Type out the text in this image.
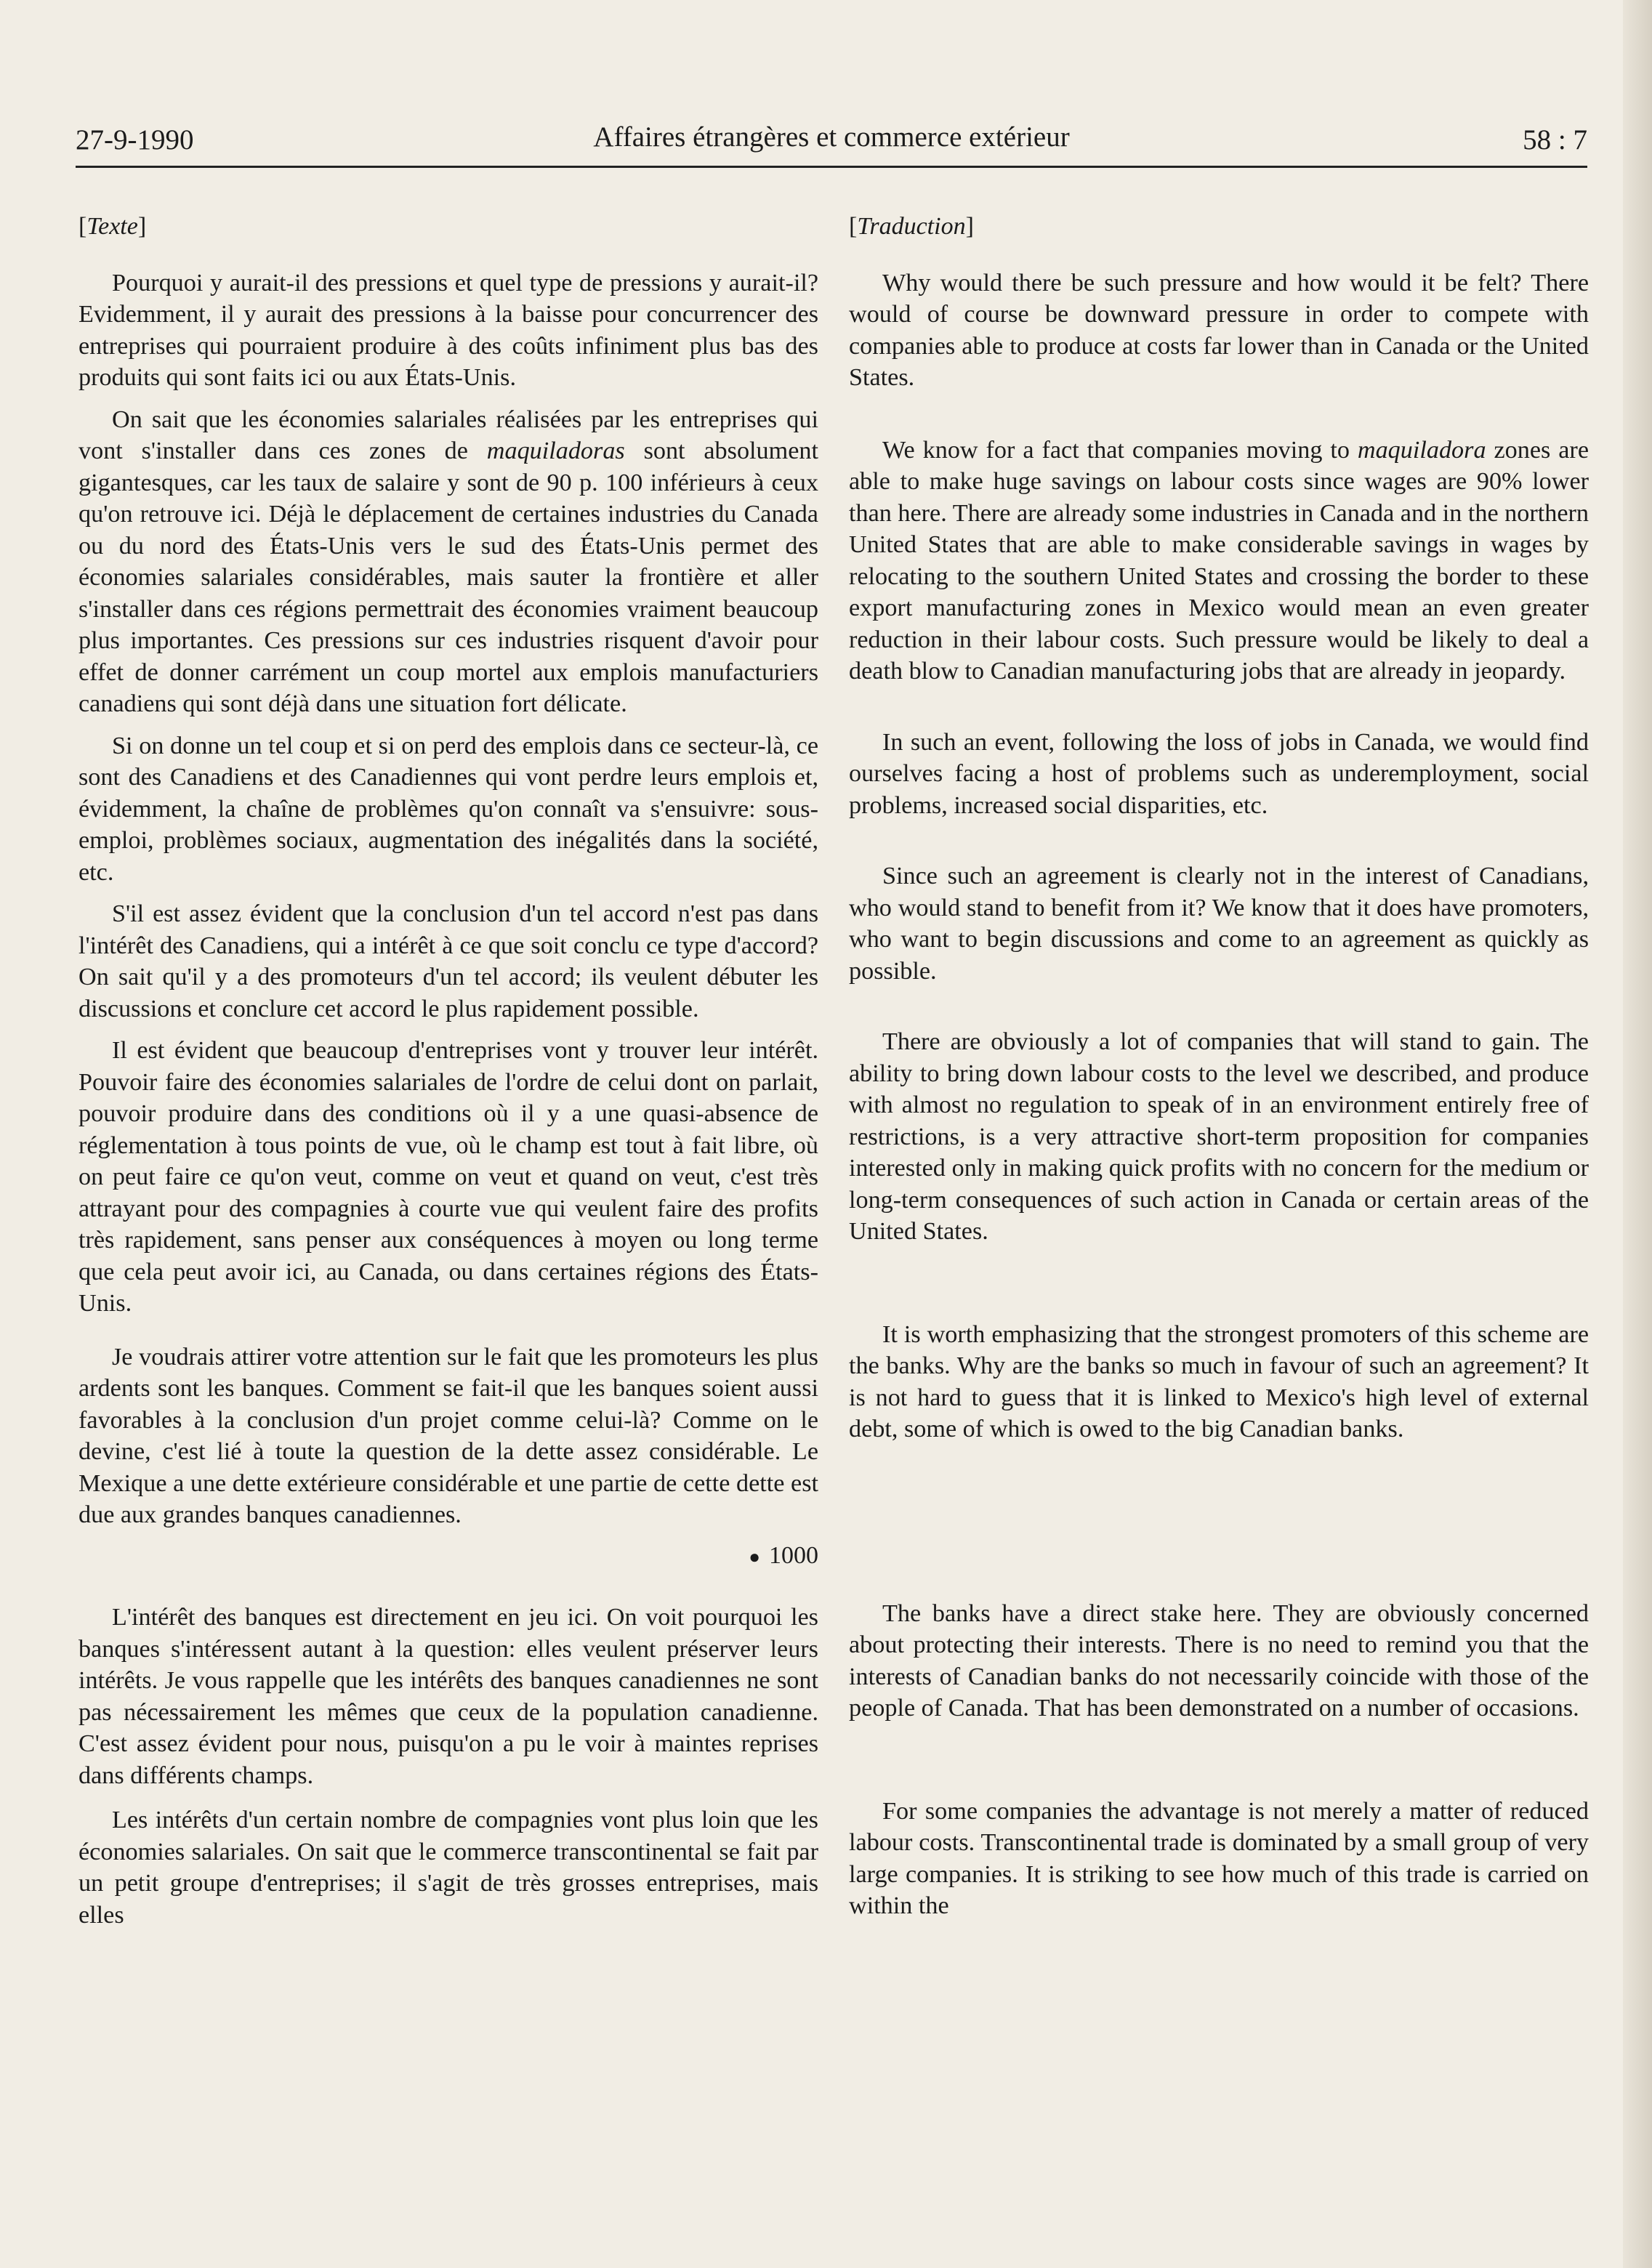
27-9-1990	Affaires étrangères et commerce extérieur	58 : 7
[Texte]

Pourquoi y aurait-il des pressions et quel type de pressions y aurait-il? Evidemment, il y aurait des pressions à la baisse pour concurrencer des entreprises qui pourraient produire à des coûts infiniment plus bas des produits qui sont faits ici ou aux États-Unis.

On sait que les économies salariales réalisées par les entreprises qui vont s'installer dans ces zones de maquiladoras sont absolument gigantesques, car les taux de salaire y sont de 90 p. 100 inférieurs à ceux qu'on retrouve ici. Déjà le déplacement de certaines industries du Canada ou du nord des États-Unis vers le sud des États-Unis permet des économies salariales considérables, mais sauter la frontière et aller s'installer dans ces régions permettrait des économies vraiment beaucoup plus importantes. Ces pressions sur ces industries risquent d'avoir pour effet de donner carrément un coup mortel aux emplois manufacturiers canadiens qui sont déjà dans une situation fort délicate.

Si on donne un tel coup et si on perd des emplois dans ce secteur-là, ce sont des Canadiens et des Canadiennes qui vont perdre leurs emplois et, évidemment, la chaîne de problèmes qu'on connaît va s'ensuivre: sous-emploi, problèmes sociaux, augmentation des inégalités dans la société, etc.

S'il est assez évident que la conclusion d'un tel accord n'est pas dans l'intérêt des Canadiens, qui a intérêt à ce que soit conclu ce type d'accord? On sait qu'il y a des promoteurs d'un tel accord; ils veulent débuter les discussions et conclure cet accord le plus rapidement possible.

Il est évident que beaucoup d'entreprises vont y trouver leur intérêt. Pouvoir faire des économies salariales de l'ordre de celui dont on parlait, pouvoir produire dans des conditions où il y a une quasi-absence de réglementation à tous points de vue, où le champ est tout à fait libre, où on peut faire ce qu'on veut, comme on veut et quand on veut, c'est très attrayant pour des compagnies à courte vue qui veulent faire des profits très rapidement, sans penser aux conséquences à moyen ou long terme que cela peut avoir ici, au Canada, ou dans certaines régions des États-Unis.

Je voudrais attirer votre attention sur le fait que les promoteurs les plus ardents sont les banques. Comment se fait-il que les banques soient aussi favorables à la conclusion d'un projet comme celui-là? Comme on le devine, c'est lié à toute la question de la dette assez considérable. Le Mexique a une dette extérieure considérable et une partie de cette dette est due aux grandes banques canadiennes.

● 1000

L'intérêt des banques est directement en jeu ici. On voit pourquoi les banques s'intéressent autant à la question: elles veulent préserver leurs intérêts. Je vous rappelle que les intérêts des banques canadiennes ne sont pas nécessairement les mêmes que ceux de la population canadienne. C'est assez évident pour nous, puisqu'on a pu le voir à maintes reprises dans différents champs.

Les intérêts d'un certain nombre de compagnies vont plus loin que les économies salariales. On sait que le commerce transcontinental se fait par un petit groupe d'entreprises; il s'agit de très grosses entreprises, mais elles

[Traduction]

Why would there be such pressure and how would it be felt? There would of course be downward pressure in order to compete with companies able to produce at costs far lower than in Canada or the United States.

We know for a fact that companies moving to maquiladora zones are able to make huge savings on labour costs since wages are 90% lower than here. There are already some industries in Canada and in the northern United States that are able to make considerable savings in wages by relocating to the southern United States and crossing the border to these export manufacturing zones in Mexico would mean an even greater reduction in their labour costs. Such pressure would be likely to deal a death blow to Canadian manufacturing jobs that are already in jeopardy.

In such an event, following the loss of jobs in Canada, we would find ourselves facing a host of problems such as underemployment, social problems, increased social disparities, etc.

Since such an agreement is clearly not in the interest of Canadians, who would stand to benefit from it? We know that it does have promoters, who want to begin discussions and come to an agreement as quickly as possible.

There are obviously a lot of companies that will stand to gain. The ability to bring down labour costs to the level we described, and produce with almost no regulation to speak of in an environment entirely free of restrictions, is a very attractive short-term proposition for companies interested only in making quick profits with no concern for the medium or long-term consequences of such action in Canada or certain areas of the United States.

It is worth emphasizing that the strongest promoters of this scheme are the banks. Why are the banks so much in favour of such an agreement? It is not hard to guess that it is linked to Mexico's high level of external debt, some of which is owed to the big Canadian banks.

The banks have a direct stake here. They are obviously concerned about protecting their interests. There is no need to remind you that the interests of Canadian banks do not necessarily coincide with those of the people of Canada. That has been demonstrated on a number of occasions.

For some companies the advantage is not merely a matter of reduced labour costs. Transcontinental trade is dominated by a small group of very large companies. It is striking to see how much of this trade is carried on within the
